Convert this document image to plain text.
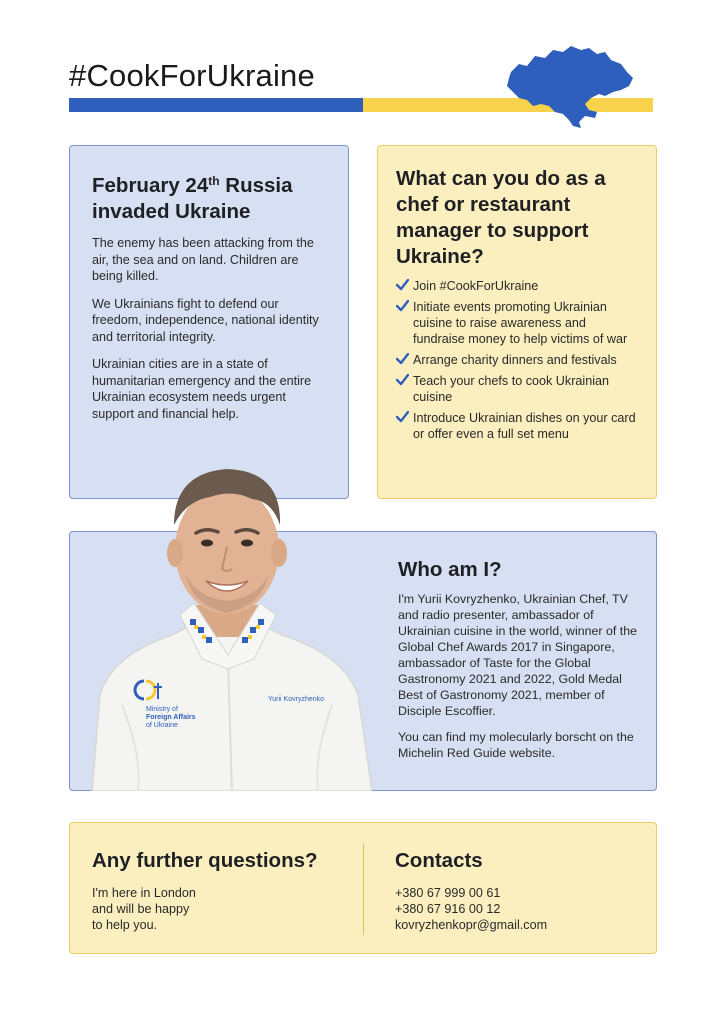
#CookForUkraine
February 24th Russia invaded Ukraine

The enemy has been attacking from the air, the sea and on land. Children are being killed.

We Ukrainians fight to defend our freedom, independence, national identity and territorial integrity.

Ukrainian cities are in a state of humanitarian emergency and the entire Ukrainian ecosystem needs urgent support and financial help.

What can you do as a chef or restaurant manager to support Ukraine?
Join #CookForUkraine
Initiate events promoting Ukrainian cuisine to raise awareness and fundraise money to help victims of war
Arrange charity dinners and festivals
Teach your chefs to cook Ukrainian cuisine
Introduce Ukrainian dishes on your card or offer even a full set menu
Who am I?

I'm Yurii Kovryzhenko, Ukrainian Chef, TV and radio presenter, ambassador of Ukrainian cuisine in the world, winner of the Global Chef Awards 2017 in Singapore, ambassador of Taste for the Global Gastronomy 2021 and 2022, Gold Medal Best of Gastronomy 2021, member of Disciple Escoffier.

You can find my molecularly borscht on the Michelin Red Guide website.

Ministry of
Foreign Affairs
of Ukraine
Yurii Kovryzhenko
Any further questions?

I'm here in London
and will be happy
to help you.

Contacts
+380 67 999 00 61
+380 67 916 00 12
kovryzhenkopr@gmail.com
